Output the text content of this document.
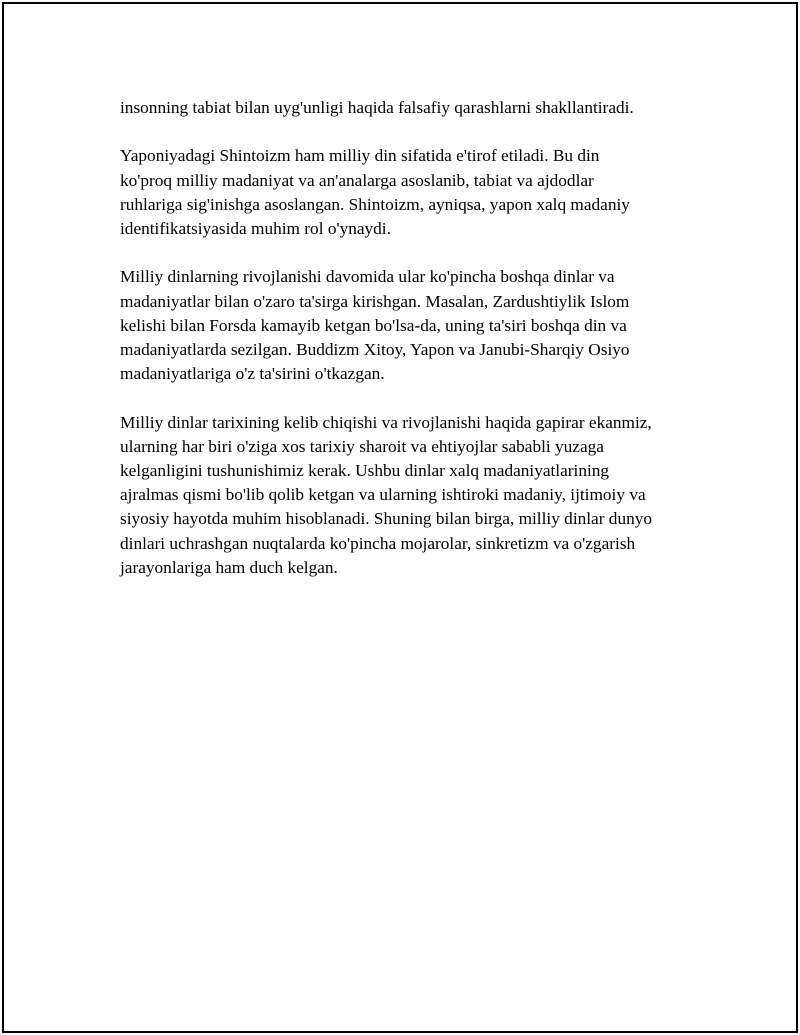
insonning tabiat bilan uyg'unligi haqida falsafiy qarashlarni shakllantiradi.

Yaponiyadagi Shintoizm ham milliy din sifatida e'tirof etiladi. Bu din
ko'proq milliy madaniyat va an'analarga asoslanib, tabiat va ajdodlar
ruhlariga sig'inishga asoslangan. Shintoizm, ayniqsa, yapon xalq madaniy
identifikatsiyasida muhim rol o'ynaydi.

Milliy dinlarning rivojlanishi davomida ular ko'pincha boshqa dinlar va
madaniyatlar bilan o'zaro ta'sirga kirishgan. Masalan, Zardushtiylik Islom
kelishi bilan Forsda kamayib ketgan bo'lsa-da, uning ta'siri boshqa din va
madaniyatlarda sezilgan. Buddizm Xitoy, Yapon va Janubi-Sharqiy Osiyo
madaniyatlariga o'z ta'sirini o'tkazgan.

Milliy dinlar tarixining kelib chiqishi va rivojlanishi haqida gapirar ekanmiz,
ularning har biri o'ziga xos tarixiy sharoit va ehtiyojlar sababli yuzaga
kelganligini tushunishimiz kerak. Ushbu dinlar xalq madaniyatlarining
ajralmas qismi bo'lib qolib ketgan va ularning ishtiroki madaniy, ijtimoiy va
siyosiy hayotda muhim hisoblanadi. Shuning bilan birga, milliy dinlar dunyo
dinlari uchrashgan nuqtalarda ko'pincha mojarolar, sinkretizm va o'zgarish
jarayonlariga ham duch kelgan.
